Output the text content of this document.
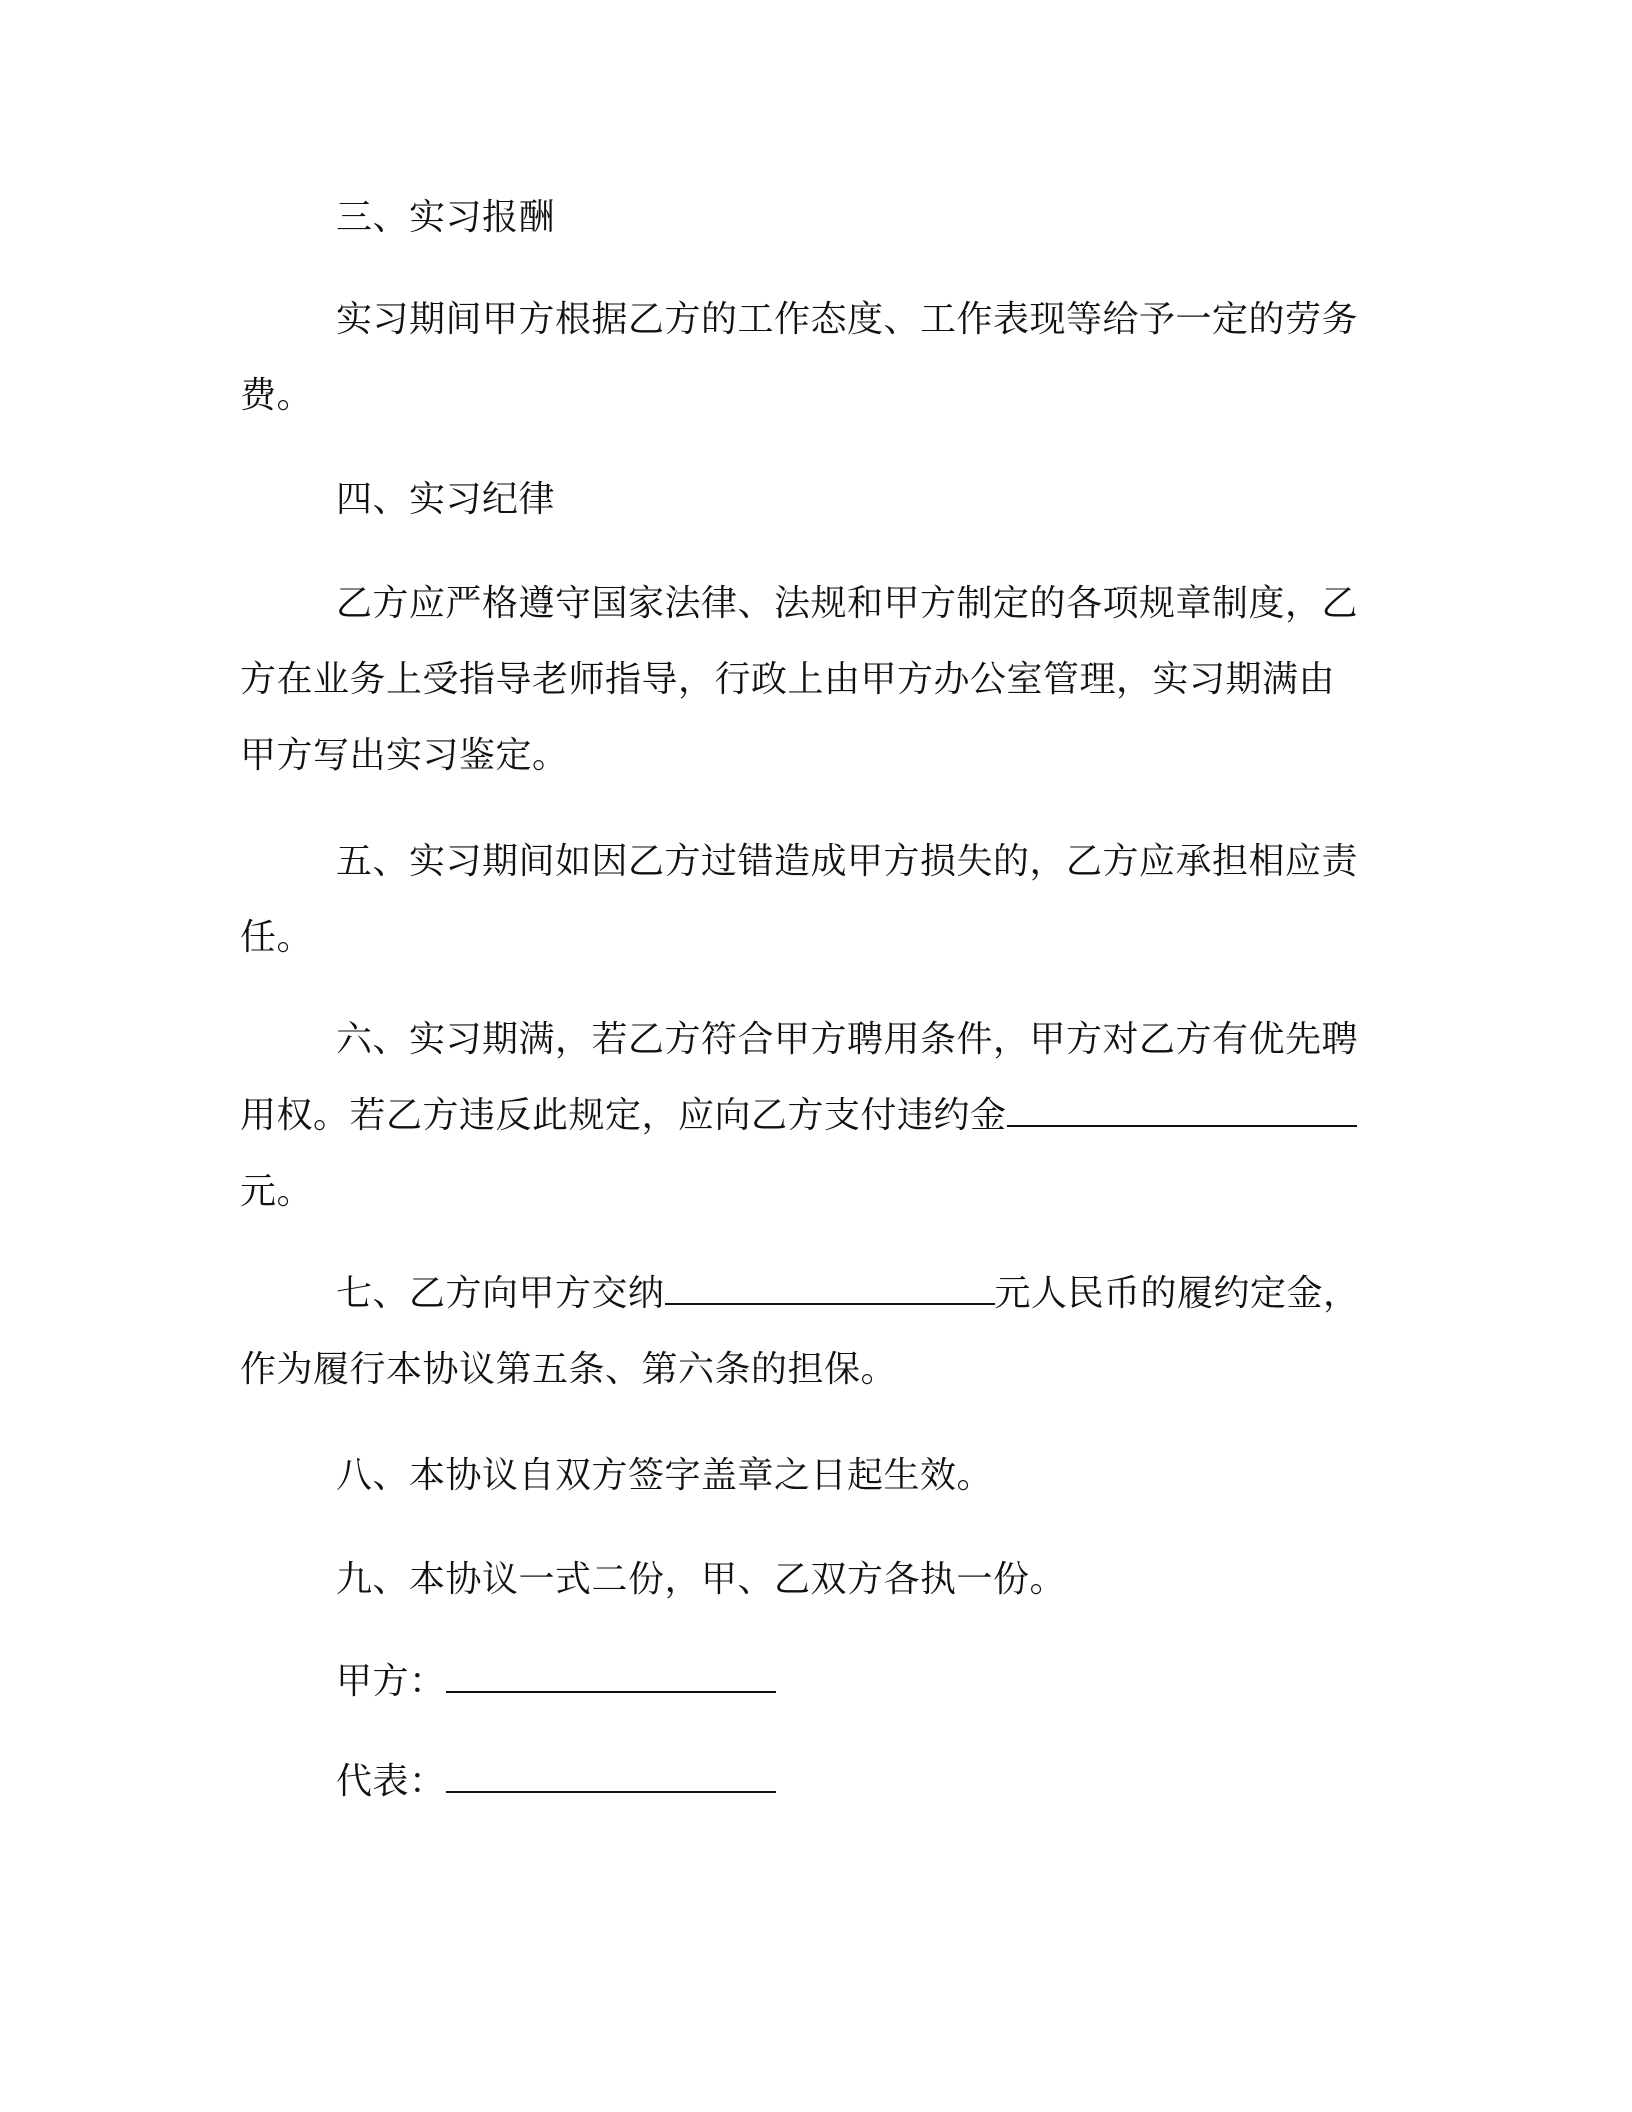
三、实习报酬

实习期间甲方根据乙方的工作态度、工作表现等给予一定的劳务费。

四、实习纪律

乙方应严格遵守国家法律、法规和甲方制定的各项规章制度，乙方在业务上受指导老师指导，行政上由甲方办公室管理，实习期满由甲方写出实习鉴定。

五、实习期间如因乙方过错造成甲方损失的，乙方应承担相应责任。

六、实习期满，若乙方符合甲方聘用条件，甲方对乙方有优先聘用权。若乙方违反此规定，应向乙方支付违约金元。

七、乙方向甲方交纳	元人民币的履约定金，作为履行本协议第五条、第六条的担保。

八、本协议自双方签字盖章之日起生效。

九、本协议一式二份，甲、乙双方各执一份。

甲方：

代表：
